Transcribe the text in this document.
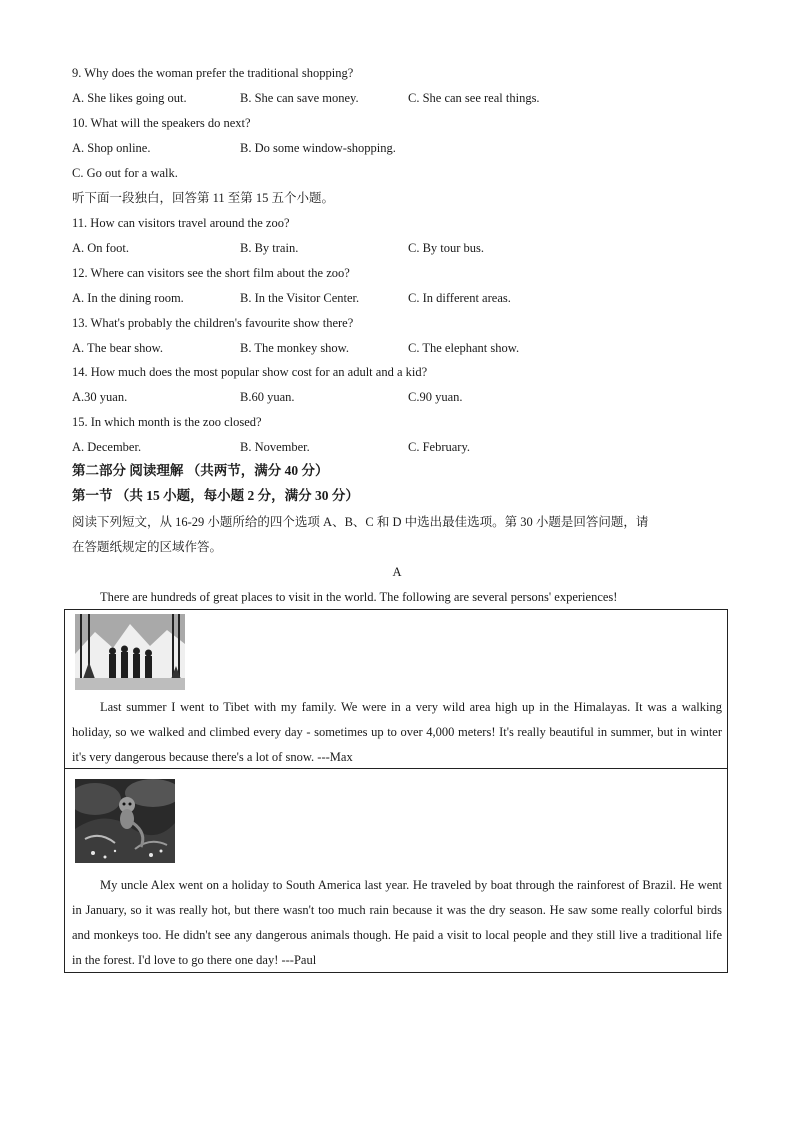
9. Why does the woman prefer the traditional shopping?
A. She likes going out.	B. She can save money.	C. She can see real things.
10. What will the speakers do next?
A. Shop online.	B. Do some window-shopping.
C. Go out for a walk.
听下面一段独白，回答第 11 至第 15 五个小题。
11. How can visitors travel around the zoo?
A. On foot.	B. By train.	C. By tour bus.
12. Where can visitors see the short film about the zoo?
A. In the dining room.	B. In the Visitor Center.	C. In different areas.
13. What's probably the children's favourite show there?
A. The bear show.	B. The monkey show.	C. The elephant show.
14. How much does the most popular show cost for an adult and a kid?
A.30 yuan.	B.60 yuan.	C.90 yuan.
15. In which month is the zoo closed?
A. December.	B. November.	C. February.
第二部分 阅读理解 （共两节，满分 40 分）
第一节 （共 15 小题，每小题 2 分，满分 30 分）
阅读下列短文，从 16-29 小题所给的四个选项 A、B、C 和 D 中选出最佳选项。第 30 小题是回答问题，请
在答题纸规定的区域作答。
A
There are hundreds of great places to visit in the world. The following are several persons' experiences!
Last summer I went to Tibet with my family. We were in a very wild area high up in the Himalayas. It was a walking holiday, so we walked and climbed every day - sometimes up to over 4,000 meters! It's really beautiful in summer, but in winter it's very dangerous because there's a lot of snow. ---Max
My uncle Alex went on a holiday to South America last year. He traveled by boat through the rainforest of Brazil. He went in January, so it was really hot, but there wasn't too much rain because it was the dry season. He saw some really colorful birds and monkeys too. He didn't see any dangerous animals though. He paid a visit to local people and they still live a traditional life in the forest. I'd love to go there one day! ---Paul
